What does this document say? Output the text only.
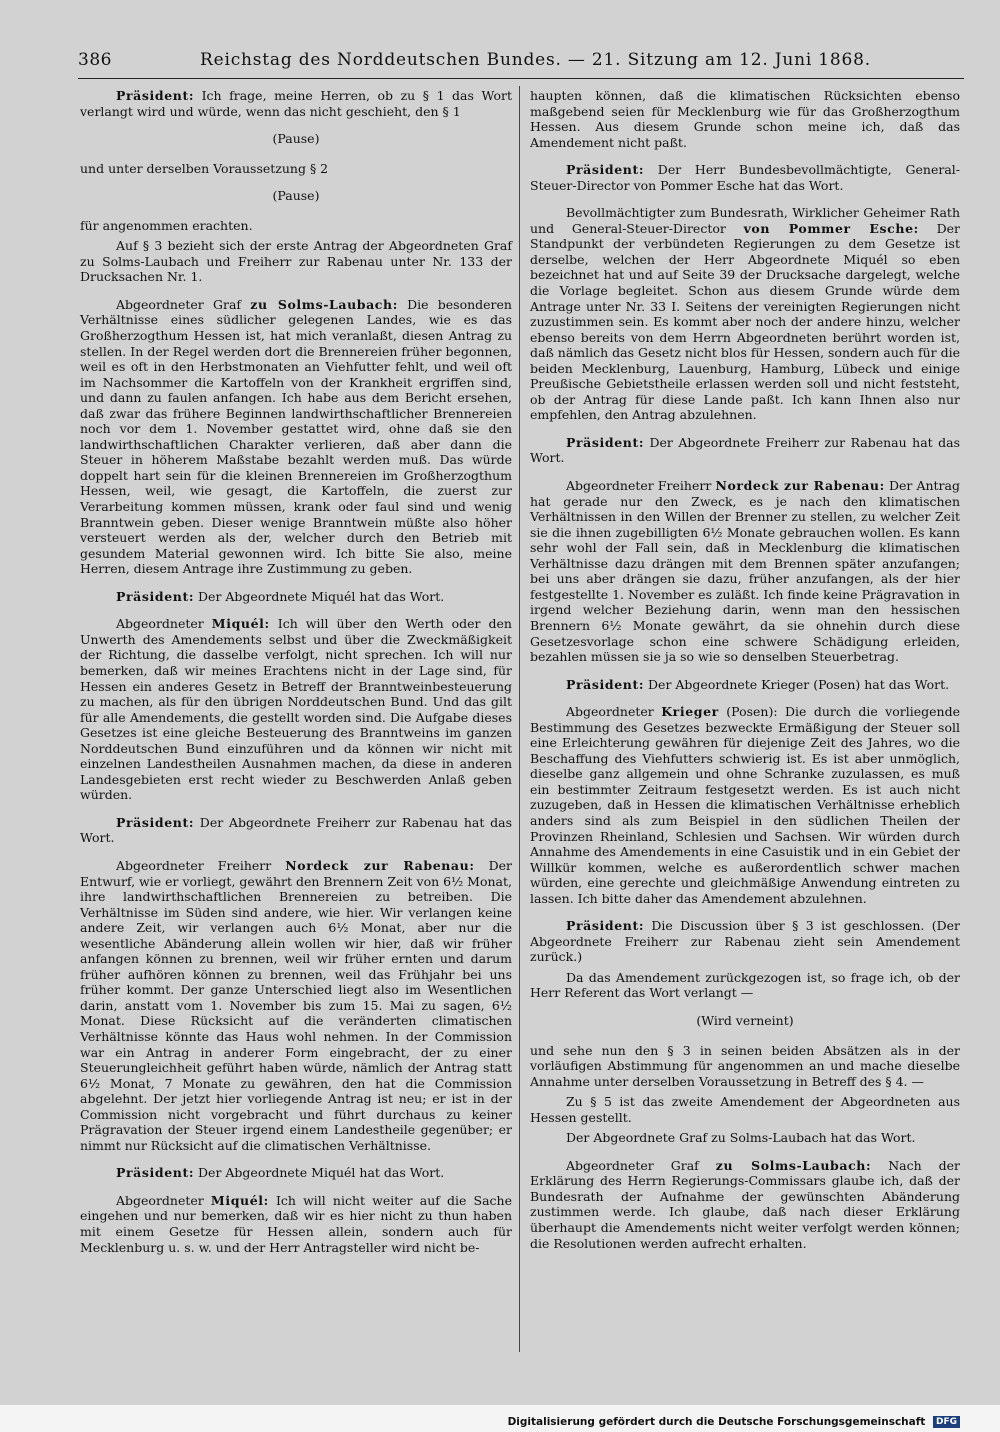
386	Reichstag des Norddeutschen Bundes. — 21. Sitzung am 12. Juni 1868.

Präsident: Ich frage, meine Herren, ob zu § 1 das Wort verlangt wird und würde, wenn das nicht geschieht, den § 1

(Pause)

und unter derselben Voraussetzung § 2

(Pause)

für angenommen erachten.

Auf § 3 bezieht sich der erste Antrag der Abgeordneten Graf zu Solms-Laubach und Freiherr zur Rabenau unter Nr. 133 der Drucksachen Nr. 1.

Abgeordneter Graf zu Solms-Laubach: Die besonderen Verhältnisse eines südlicher gelegenen Landes, wie es das Großherzogthum Hessen ist, hat mich veranlaßt, diesen Antrag zu stellen. In der Regel werden dort die Brennereien früher begonnen, weil es oft in den Herbstmonaten an Viehfutter fehlt, und weil oft im Nachsommer die Kartoffeln von der Krankheit ergriffen sind, und dann zu faulen anfangen. Ich habe aus dem Bericht ersehen, daß zwar das frühere Beginnen landwirthschaftlicher Brennereien noch vor dem 1. November gestattet wird, ohne daß sie den landwirthschaftlichen Charakter verlieren, daß aber dann die Steuer in höherem Maßstabe bezahlt werden muß. Das würde doppelt hart sein für die kleinen Brennereien im Großherzogthum Hessen, weil, wie gesagt, die Kartoffeln, die zuerst zur Verarbeitung kommen müssen, krank oder faul sind und wenig Branntwein geben. Dieser wenige Branntwein müßte also höher versteuert werden als der, welcher durch den Betrieb mit gesundem Material gewonnen wird. Ich bitte Sie also, meine Herren, diesem Antrage ihre Zustimmung zu geben.

Präsident: Der Abgeordnete Miquél hat das Wort.

Abgeordneter Miquél: Ich will über den Werth oder den Unwerth des Amendements selbst und über die Zweckmäßigkeit der Richtung, die dasselbe verfolgt, nicht sprechen. Ich will nur bemerken, daß wir meines Erachtens nicht in der Lage sind, für Hessen ein anderes Gesetz in Betreff der Branntweinbesteuerung zu machen, als für den übrigen Norddeutschen Bund. Und das gilt für alle Amendements, die gestellt worden sind. Die Aufgabe dieses Gesetzes ist eine gleiche Besteuerung des Branntweins im ganzen Norddeutschen Bund einzuführen und da können wir nicht mit einzelnen Landestheilen Ausnahmen machen, da diese in anderen Landesgebieten erst recht wieder zu Beschwerden Anlaß geben würden.

Präsident: Der Abgeordnete Freiherr zur Rabenau hat das Wort.

Abgeordneter Freiherr Nordeck zur Rabenau: Der Entwurf, wie er vorliegt, gewährt den Brennern Zeit von 6½ Monat, ihre landwirthschaftlichen Brennereien zu betreiben. Die Verhältnisse im Süden sind andere, wie hier. Wir verlangen keine andere Zeit, wir verlangen auch 6½ Monat, aber nur die wesentliche Abänderung allein wollen wir hier, daß wir früher anfangen können zu brennen, weil wir früher ernten und darum früher aufhören können zu brennen, weil das Frühjahr bei uns früher kommt. Der ganze Unterschied liegt also im Wesentlichen darin, anstatt vom 1. November bis zum 15. Mai zu sagen, 6½ Monat. Diese Rücksicht auf die veränderten climatischen Verhältnisse könnte das Haus wohl nehmen. In der Commission war ein Antrag in anderer Form eingebracht, der zu einer Steuerungleichheit geführt haben würde, nämlich der Antrag statt 6½ Monat, 7 Monate zu gewähren, den hat die Commission abgelehnt. Der jetzt hier vorliegende Antrag ist neu; er ist in der Commission nicht vorgebracht und führt durchaus zu keiner Prägravation der Steuer irgend einem Landestheile gegenüber; er nimmt nur Rücksicht auf die climatischen Verhältnisse.

Präsident: Der Abgeordnete Miquél hat das Wort.

Abgeordneter Miquél: Ich will nicht weiter auf die Sache eingehen und nur bemerken, daß wir es hier nicht zu thun haben mit einem Gesetze für Hessen allein, sondern auch für Mecklenburg u. s. w. und der Herr Antragsteller wird nicht be-

haupten können, daß die klimatischen Rücksichten ebenso maßgebend seien für Mecklenburg wie für das Großherzogthum Hessen. Aus diesem Grunde schon meine ich, daß das Amendement nicht paßt.

Präsident: Der Herr Bundesbevollmächtigte, General-Steuer-Director von Pommer Esche hat das Wort.

Bevollmächtigter zum Bundesrath, Wirklicher Geheimer Rath und General-Steuer-Director von Pommer Esche: Der Standpunkt der verbündeten Regierungen zu dem Gesetze ist derselbe, welchen der Herr Abgeordnete Miquél so eben bezeichnet hat und auf Seite 39 der Drucksache dargelegt, welche die Vorlage begleitet. Schon aus diesem Grunde würde dem Antrage unter Nr. 33 I. Seitens der vereinigten Regierungen nicht zuzustimmen sein. Es kommt aber noch der andere hinzu, welcher ebenso bereits von dem Herrn Abgeordneten berührt worden ist, daß nämlich das Gesetz nicht blos für Hessen, sondern auch für die beiden Mecklenburg, Lauenburg, Hamburg, Lübeck und einige Preußische Gebietstheile erlassen werden soll und nicht feststeht, ob der Antrag für diese Lande paßt. Ich kann Ihnen also nur empfehlen, den Antrag abzulehnen.

Präsident: Der Abgeordnete Freiherr zur Rabenau hat das Wort.

Abgeordneter Freiherr Nordeck zur Rabenau: Der Antrag hat gerade nur den Zweck, es je nach den klimatischen Verhältnissen in den Willen der Brenner zu stellen, zu welcher Zeit sie die ihnen zugebilligten 6½ Monate gebrauchen wollen. Es kann sehr wohl der Fall sein, daß in Mecklenburg die klimatischen Verhältnisse dazu drängen mit dem Brennen später anzufangen; bei uns aber drängen sie dazu, früher anzufangen, als der hier festgestellte 1. November es zuläßt. Ich finde keine Prägravation in irgend welcher Beziehung darin, wenn man den hessischen Brennern 6½ Monate gewährt, da sie ohnehin durch diese Gesetzesvorlage schon eine schwere Schädigung erleiden, bezahlen müssen sie ja so wie so denselben Steuerbetrag.

Präsident: Der Abgeordnete Krieger (Posen) hat das Wort.

Abgeordneter Krieger (Posen): Die durch die vorliegende Bestimmung des Gesetzes bezweckte Ermäßigung der Steuer soll eine Erleichterung gewähren für diejenige Zeit des Jahres, wo die Beschaffung des Viehfutters schwierig ist. Es ist aber unmöglich, dieselbe ganz allgemein und ohne Schranke zuzulassen, es muß ein bestimmter Zeitraum festgesetzt werden. Es ist auch nicht zuzugeben, daß in Hessen die klimatischen Verhältnisse erheblich anders sind als zum Beispiel in den südlichen Theilen der Provinzen Rheinland, Schlesien und Sachsen. Wir würden durch Annahme des Amendements in eine Casuistik und in ein Gebiet der Willkür kommen, welche es außerordentlich schwer machen würden, eine gerechte und gleichmäßige Anwendung eintreten zu lassen. Ich bitte daher das Amendement abzulehnen.

Präsident: Die Discussion über § 3 ist geschlossen. (Der Abgeordnete Freiherr zur Rabenau zieht sein Amendement zurück.)

Da das Amendement zurückgezogen ist, so frage ich, ob der Herr Referent das Wort verlangt —

(Wird verneint)

und sehe nun den § 3 in seinen beiden Absätzen als in der vorläufigen Abstimmung für angenommen an und mache dieselbe Annahme unter derselben Voraussetzung in Betreff des § 4. —

Zu § 5 ist das zweite Amendement der Abgeordneten aus Hessen gestellt.

Der Abgeordnete Graf zu Solms-Laubach hat das Wort.

Abgeordneter Graf zu Solms-Laubach: Nach der Erklärung des Herrn Regierungs-Commissars glaube ich, daß der Bundesrath der Aufnahme der gewünschten Abänderung zustimmen werde. Ich glaube, daß nach dieser Erklärung überhaupt die Amendements nicht weiter verfolgt werden können; die Resolutionen werden aufrecht erhalten.

Digitalisierung gefördert durch die Deutsche Forschungsgemeinschaft DFG
